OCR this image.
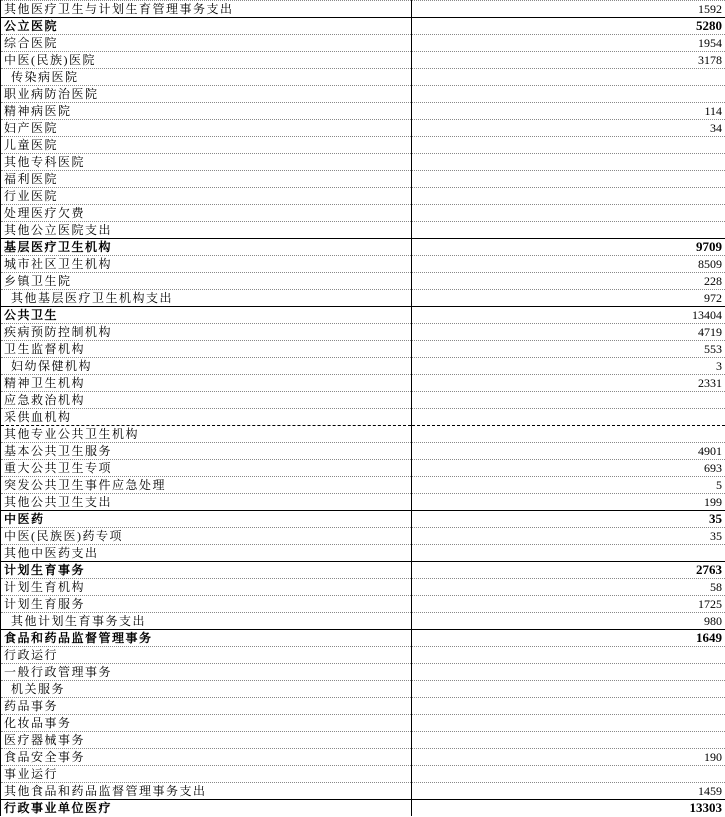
其他医疗卫生与计划生育管理事务支出	1592
公立医院	5280
综合医院	1954
中医(民族)医院	3178
传染病医院	
职业病防治医院	
精神病医院	114
妇产医院	34
儿童医院	
其他专科医院	
福利医院	
行业医院	
处理医疗欠费	
其他公立医院支出	
基层医疗卫生机构	9709
城市社区卫生机构	8509
乡镇卫生院	228
其他基层医疗卫生机构支出	972
公共卫生	13404
疾病预防控制机构	4719
卫生监督机构	553
妇幼保健机构	3
精神卫生机构	2331
应急救治机构	
采供血机构	
其他专业公共卫生机构	
基本公共卫生服务	4901
重大公共卫生专项	693
突发公共卫生事件应急处理	5
其他公共卫生支出	199
中医药	35
中医(民族医)药专项	35
其他中医药支出	
计划生育事务	2763
计划生育机构	58
计划生育服务	1725
其他计划生育事务支出	980
食品和药品监督管理事务	1649
行政运行	
一般行政管理事务	
机关服务	
药品事务	
化妆品事务	
医疗器械事务	
食品安全事务	190
事业运行	
其他食品和药品监督管理事务支出	1459
行政事业单位医疗	13303
